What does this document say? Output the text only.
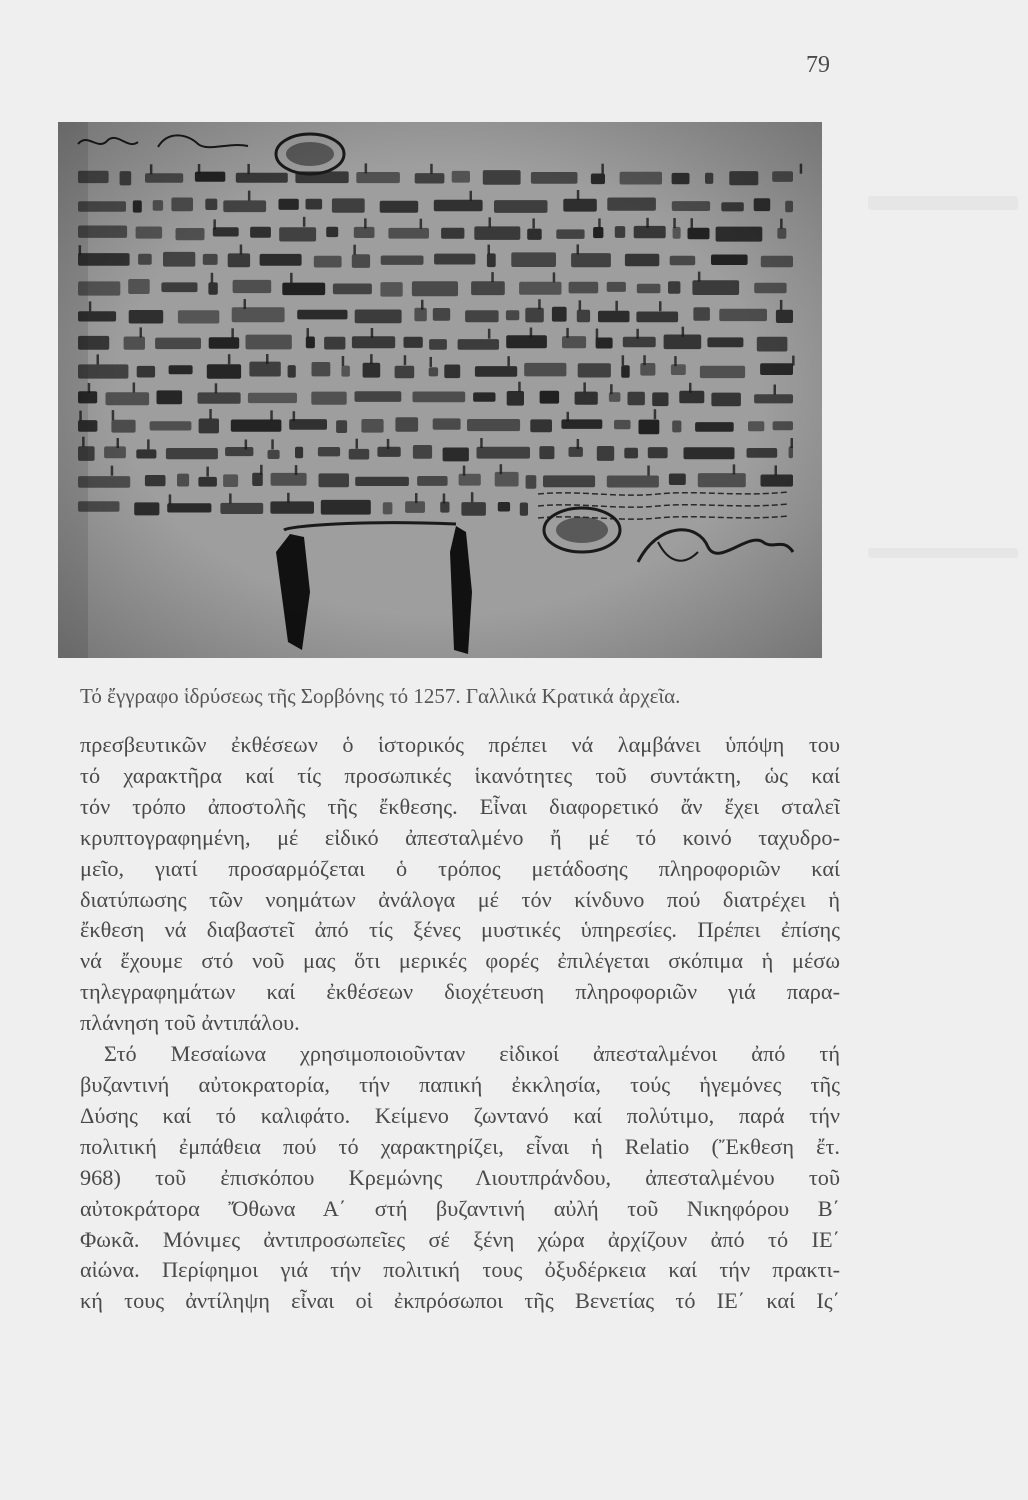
79
Τό ἔγγραφο ἱδρύσεως τῆς Σορβόνης τό 1257. Γαλλικά Κρατικά ἀρχεῖα.
πρεσβευτικῶν ἐκθέσεων ὁ ἱστορικός πρέπει νά λαμβάνει ὑπόψη του
τό χαρακτῆρα καί τίς προσωπικές ἱκανότητες τοῦ συντάκτη, ὡς καί
τόν τρόπο ἀποστολῆς τῆς ἔκθεσης. Εἶναι διαφορετικό ἄν ἔχει σταλεῖ
κρυπτογραφημένη, μέ εἰδικό ἀπεσταλμένο ἤ μέ τό κοινό ταχυδρο-
μεῖο, γιατί προσαρμόζεται ὁ τρόπος μετάδοσης πληροφοριῶν καί
διατύπωσης τῶν νοημάτων ἀνάλογα μέ τόν κίνδυνο πού διατρέχει ἡ
ἔκθεση νά διαβαστεῖ ἀπό τίς ξένες μυστικές ὑπηρεσίες. Πρέπει ἐπίσης
νά ἔχουμε στό νοῦ μας ὅτι μερικές φορές ἐπιλέγεται σκόπιμα ἡ μέσω
τηλεγραφημάτων καί ἐκθέσεων διοχέτευση πληροφοριῶν γιά παρα-
πλάνηση τοῦ ἀντιπάλου.
Στό Μεσαίωνα χρησιμοποιοῦνταν εἰδικοί ἀπεσταλμένοι ἀπό τή
βυζαντινή αὐτοκρατορία, τήν παπική ἐκκλησία, τούς ἡγεμόνες τῆς
Δύσης καί τό καλιφάτο. Κείμενο ζωντανό καί πολύτιμο, παρά τήν
πολιτική ἐμπάθεια πού τό χαρακτηρίζει, εἶναι ἡ Relatio (Ἔκθεση ἔτ.
968) τοῦ ἐπισκόπου Κρεμώνης Λιουτπράνδου, ἀπεσταλμένου τοῦ
αὐτοκράτορα Ὄθωνα Α΄ στή βυζαντινή αὐλή τοῦ Νικηφόρου Β΄
Φωκᾶ. Μόνιμες ἀντιπροσωπεῖες σέ ξένη χώρα ἀρχίζουν ἀπό τό ΙΕ΄
αἰώνα. Περίφημοι γιά τήν πολιτική τους ὀξυδέρκεια καί τήν πρακτι-
κή τους ἀντίληψη εἶναι οἱ ἐκπρόσωποι τῆς Βενετίας τό ΙΕ΄ καί Ις΄
